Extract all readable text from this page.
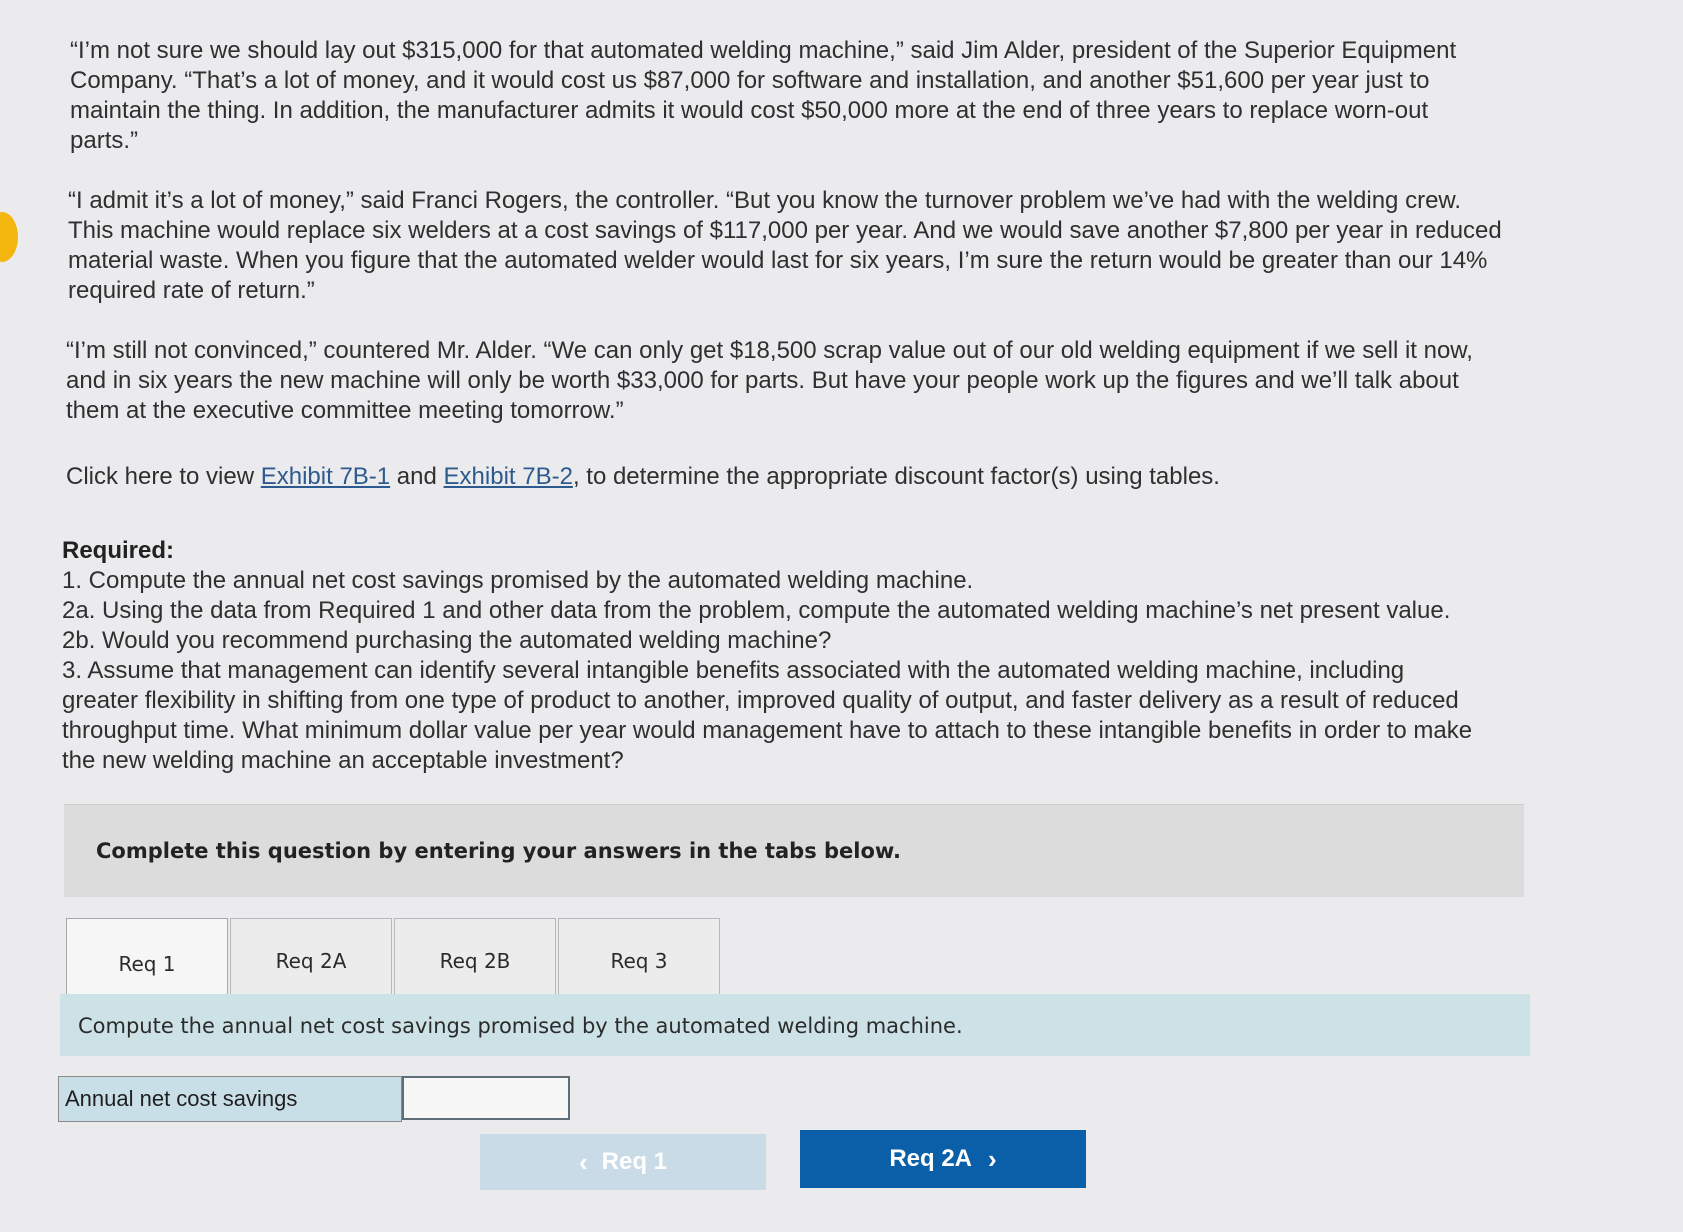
“I’m not sure we should lay out $315,000 for that automated welding machine,” said Jim Alder, president of the Superior Equipment
Company. “That’s a lot of money, and it would cost us $87,000 for software and installation, and another $51,600 per year just to
maintain the thing. In addition, the manufacturer admits it would cost $50,000 more at the end of three years to replace worn-out
parts.”
“I admit it’s a lot of money,” said Franci Rogers, the controller. “But you know the turnover problem we’ve had with the welding crew.
This machine would replace six welders at a cost savings of $117,000 per year. And we would save another $7,800 per year in reduced
material waste. When you figure that the automated welder would last for six years, I’m sure the return would be greater than our 14%
required rate of return.”
“I’m still not convinced,” countered Mr. Alder. “We can only get $18,500 scrap value out of our old welding equipment if we sell it now,
and in six years the new machine will only be worth $33,000 for parts. But have your people work up the figures and we’ll talk about
them at the executive committee meeting tomorrow.”
Click here to view Exhibit 7B-1 and Exhibit 7B-2, to determine the appropriate discount factor(s) using tables.
Required:
1. Compute the annual net cost savings promised by the automated welding machine.
2a. Using the data from Required 1 and other data from the problem, compute the automated welding machine’s net present value.
2b. Would you recommend purchasing the automated welding machine?
3. Assume that management can identify several intangible benefits associated with the automated welding machine, including
greater flexibility in shifting from one type of product to another, improved quality of output, and faster delivery as a result of reduced
throughput time. What minimum dollar value per year would management have to attach to these intangible benefits in order to make
the new welding machine an acceptable investment?
Complete this question by entering your answers in the tabs below.
Req 1	Req 2A	Req 2B	Req 3
Compute the annual net cost savings promised by the automated welding machine.
Annual net cost savings
‹ Req 1	Req 2A ›
